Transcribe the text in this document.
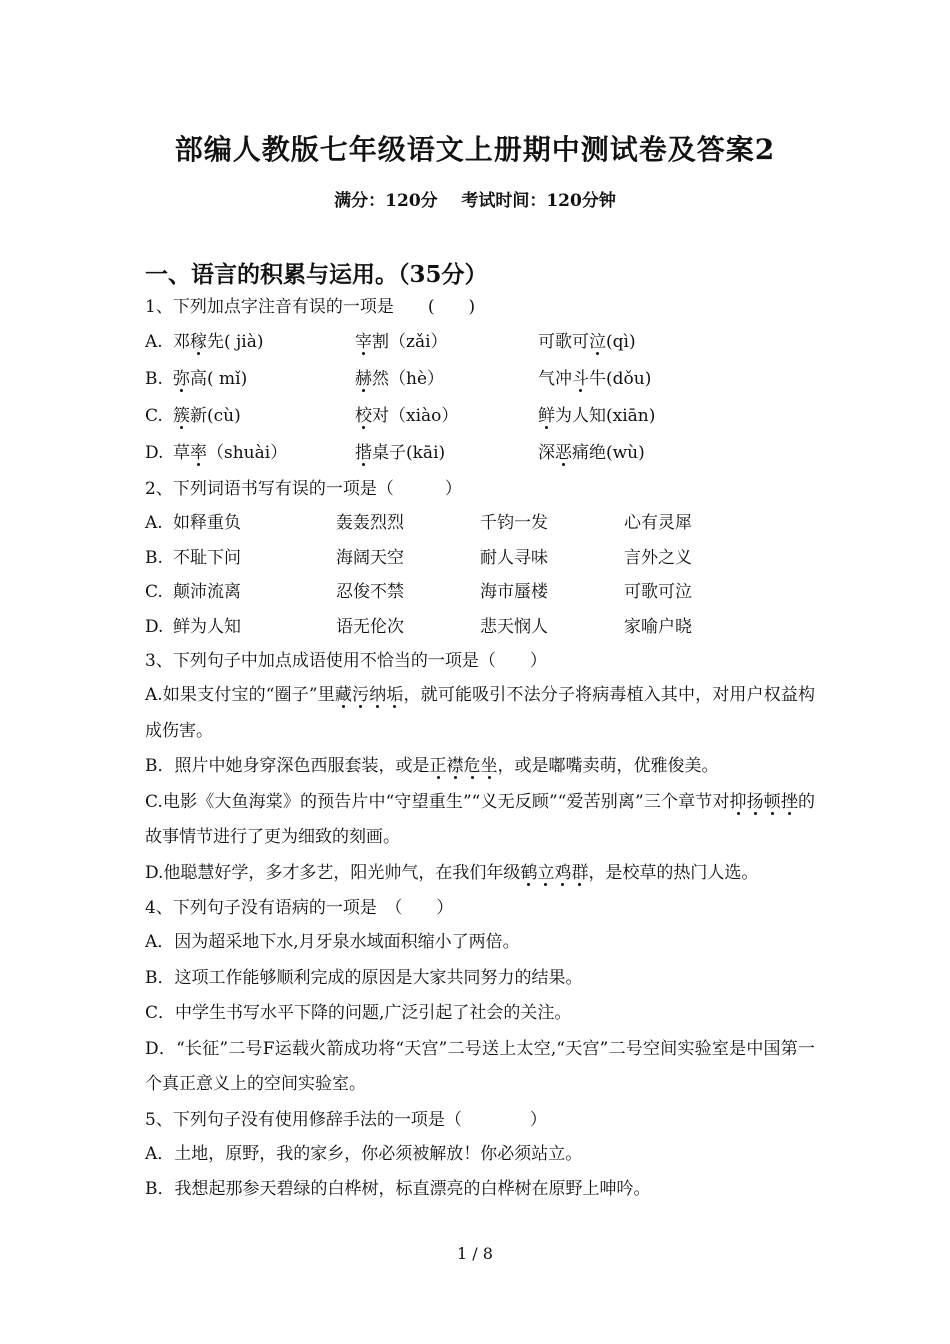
部编人教版七年级语文上册期中测试卷及答案2
满分：120分    考试时间：120分钟
一、语言的积累与运用。（35分）
1、下列加点字注音有误的一项是　　(　　)
A. 邓稼先( jià)	宰割（zǎi）	可歌可泣(qì)
B. 弥高( mǐ)	赫然（hè）	气冲斗牛(dǒu)
C. 簇新(cù)	校对（xiào）	鲜为人知(xiān)
D. 草率（shuài）	揩桌子(kāi)	深恶痛绝(wù)
2、下列词语书写有误的一项是（　　　）
A. 如释重负	轰轰烈烈	千钧一发	心有灵犀
B. 不耻下问	海阔天空	耐人寻味	言外之义
C. 颠沛流离	忍俊不禁	海市蜃楼	可歌可泣
D. 鲜为人知	语无伦次	悲天悯人	家喻户晓
3、下列句子中加点成语使用不恰当的一项是（　　）

A.如果支付宝的“圈子”里藏污纳垢，就可能吸引不法分子将病毒植入其中，对用户权益构成伤害。

B．照片中她身穿深色西服套装，或是正襟危坐，或是嘟嘴卖萌，优雅俊美。

C.电影《大鱼海棠》的预告片中“守望重生”“义无反顾”“爱苦别离”三个章节对抑扬顿挫的故事情节进行了更为细致的刻画。

D.他聪慧好学，多才多艺，阳光帅气，在我们年级鹤立鸡群，是校草的热门人选。

4、下列句子没有语病的一项是　（　　）

A．因为超采地下水,月牙泉水域面积缩小了两倍。

B．这项工作能够顺利完成的原因是大家共同努力的结果。

C．中学生书写水平下降的问题,广泛引起了社会的关注。

D．“长征”二号F运载火箭成功将“天宫”二号送上太空,“天宫”二号空间实验室是中国第一个真正意义上的空间实验室。

5、下列句子没有使用修辞手法的一项是（　　　　）

A．土地，原野，我的家乡，你必须被解放！你必须站立。

B．我想起那参天碧绿的白桦树，标直漂亮的白桦树在原野上呻吟。

1 / 8
